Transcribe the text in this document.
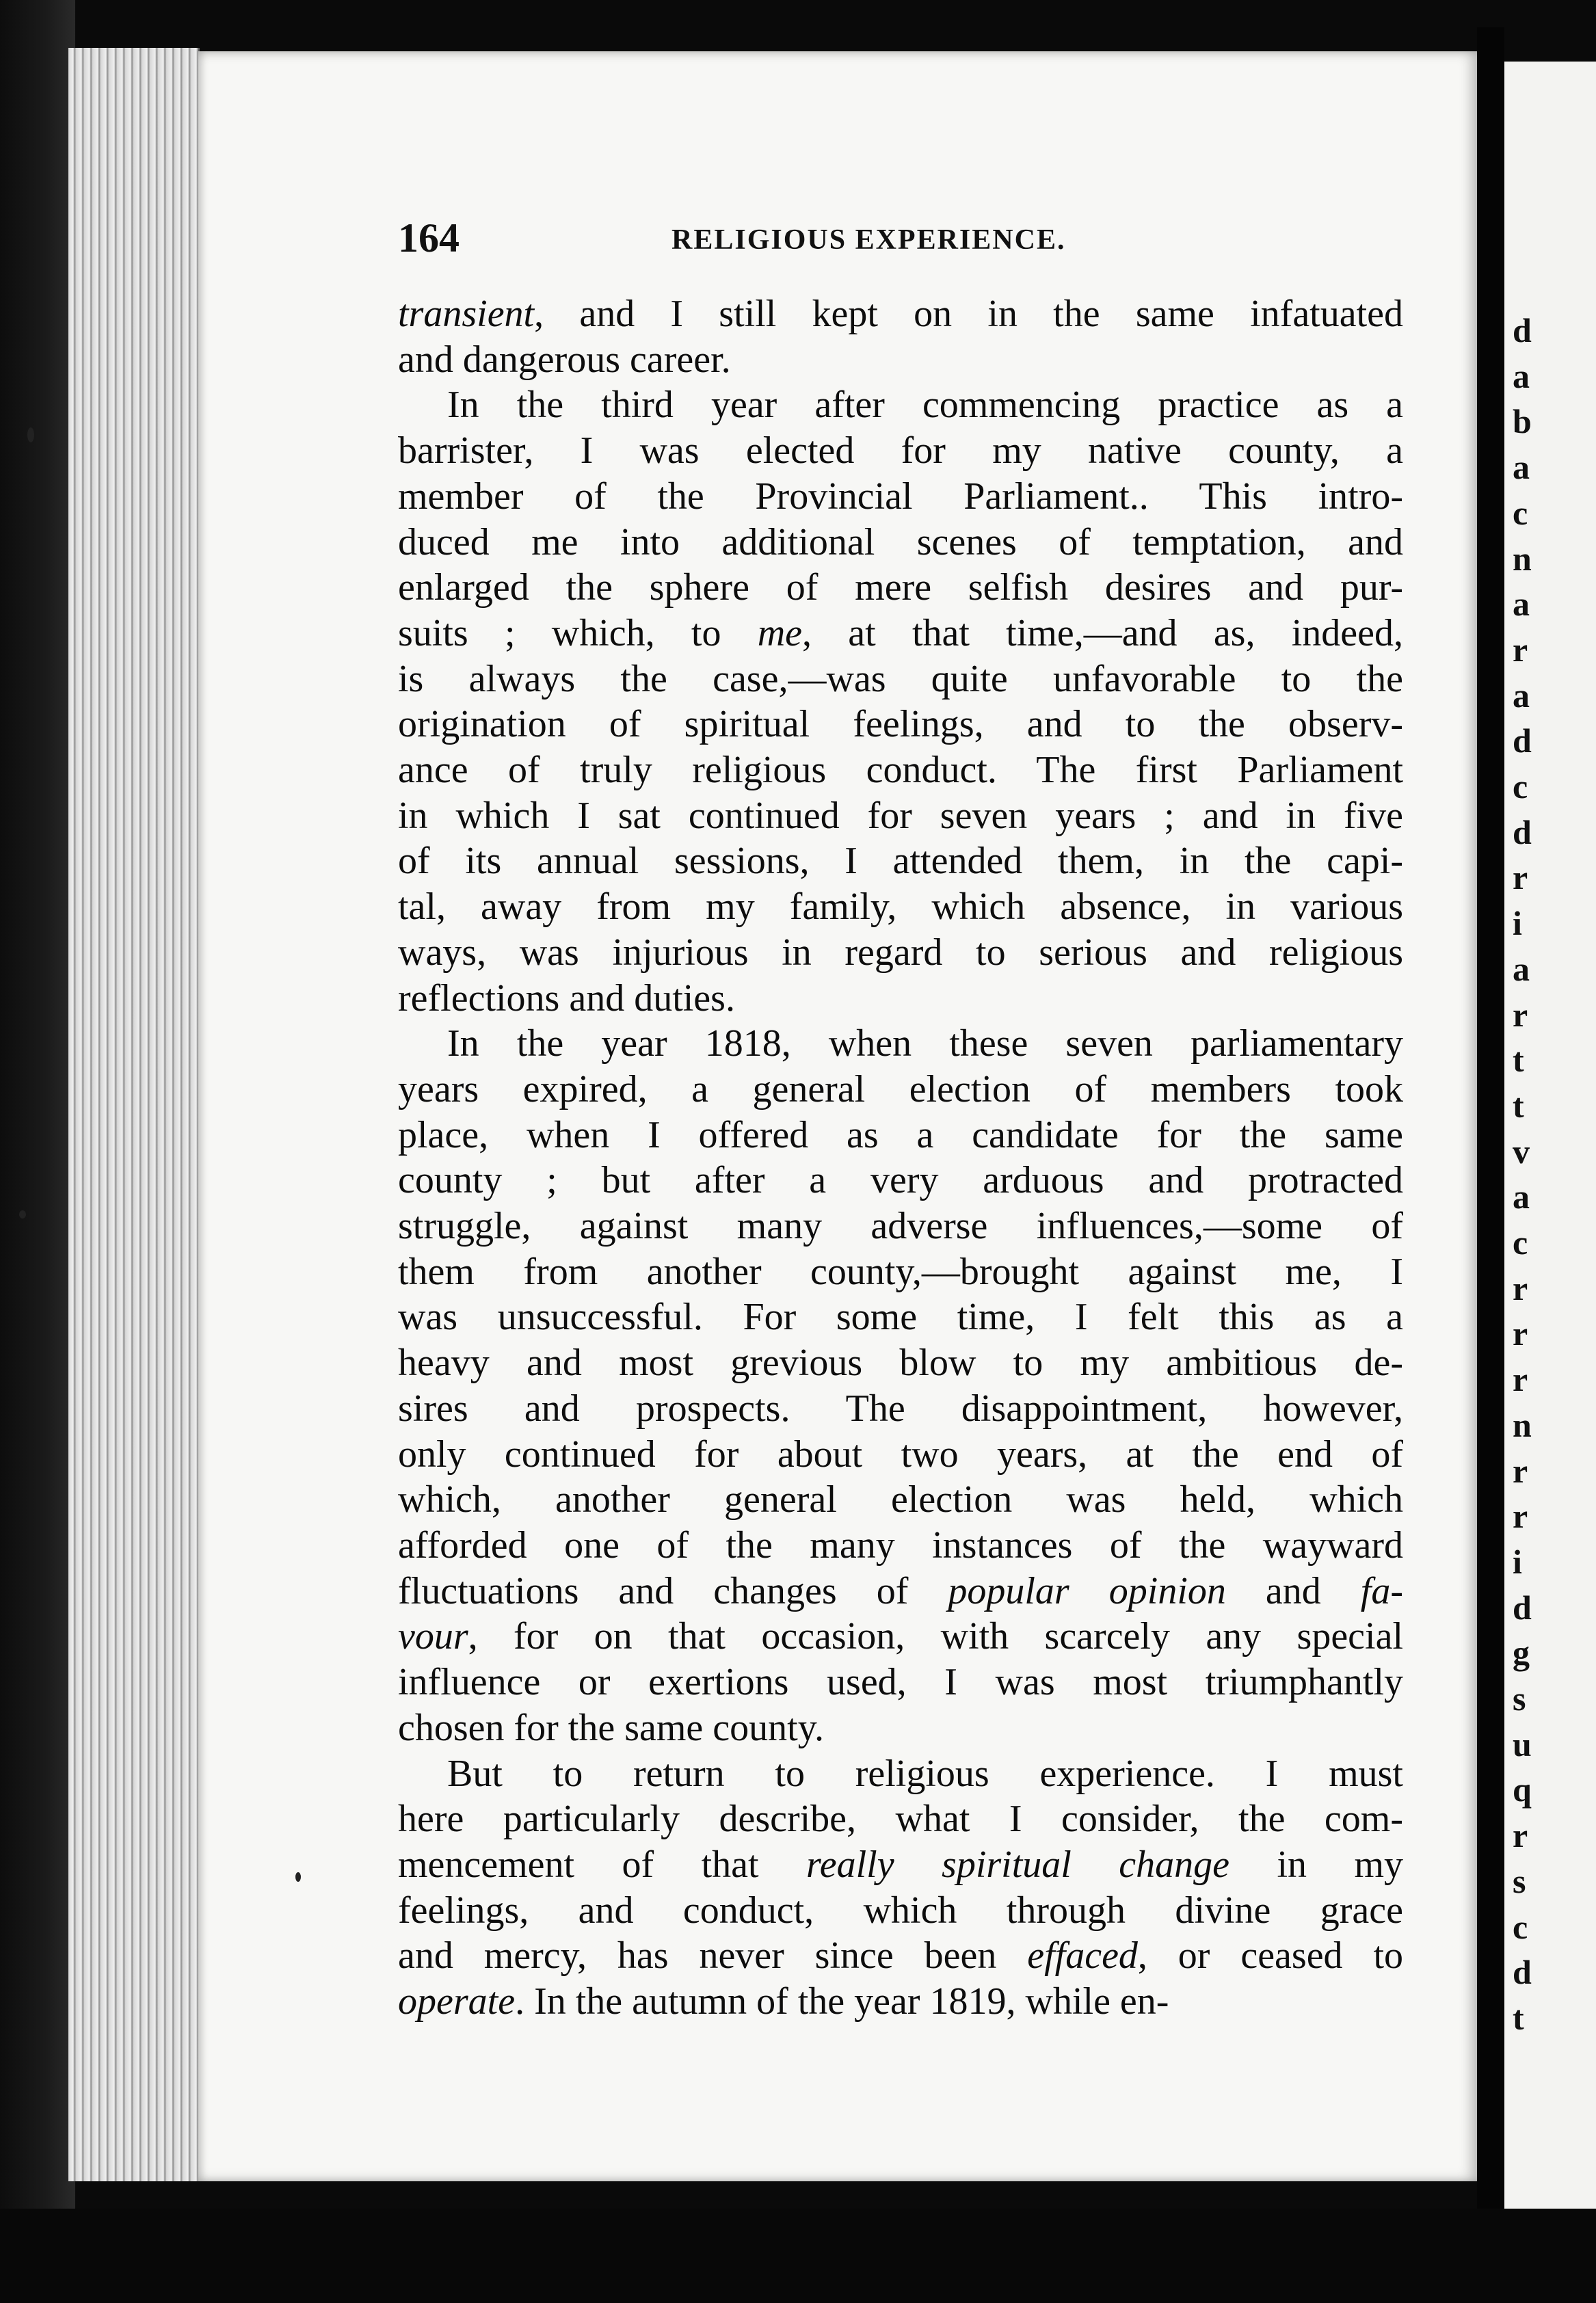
d
a
b
a
c
n
a
r
a
d
c
d
r
i
a
r
t
t
v
a
c
r
r
r
n
r
r
i
d
g
s
u
q
r
s
c
d
t
164	RELIGIOUS EXPERIENCE.
transient, and I still kept on in the same infatuated
and dangerous career.
In the third year after commencing practice as a
barrister, I was elected for my native county, a
member of the Provincial Parliament.. This intro-
duced me into additional scenes of temptation, and
enlarged the sphere of mere selfish desires and pur-
suits ; which, to me, at that time,—and as, indeed,
is always the case,—was quite unfavorable to the
origination of spiritual feelings, and to the observ-
ance of truly religious conduct. The first Parliament
in which I sat continued for seven years ; and in five
of its annual sessions, I attended them, in the capi-
tal, away from my family, which absence, in various
ways, was injurious in regard to serious and religious
reflections and duties.
In the year 1818, when these seven parliamentary
years expired, a general election of members took
place, when I offered as a candidate for the same
county ; but after a very arduous and protracted
struggle, against many adverse influences,—some of
them from another county,—brought against me, I
was unsuccessful. For some time, I felt this as a
heavy and most grevious blow to my ambitious de-
sires and prospects. The disappointment, however,
only continued for about two years, at the end of
which, another general election was held, which
afforded one of the many instances of the wayward
fluctuations and changes of popular opinion and fa-
vour, for on that occasion, with scarcely any special
influence or exertions used, I was most triumphantly
chosen for the same county.
But to return to religious experience. I must
here particularly describe, what I consider, the com-
mencement of that really spiritual change in my
feelings, and conduct, which through divine grace
and mercy, has never since been effaced, or ceased to
operate. In the autumn of the year 1819, while en-
